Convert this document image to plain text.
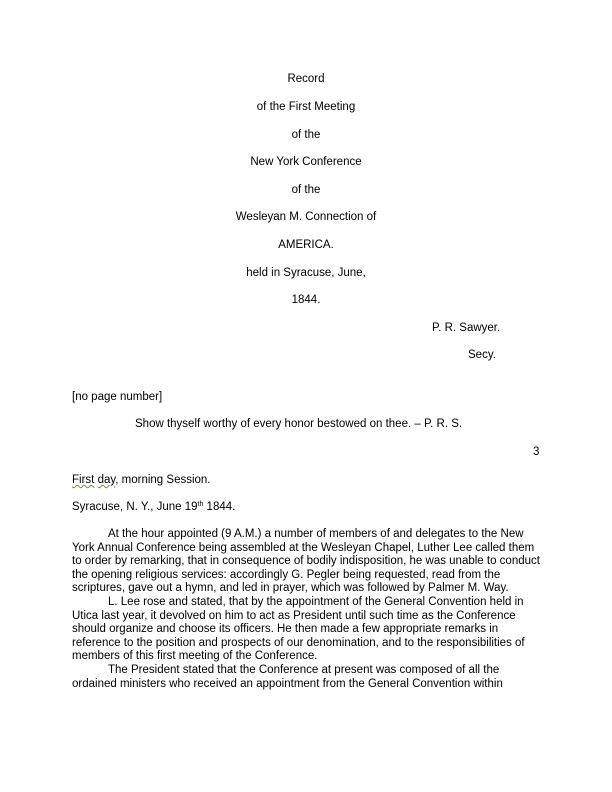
Record
of the First Meeting
of the
New York Conference
of the
Wesleyan M. Connection of
AMERICA.
held in Syracuse, June,
1844.
P. R. Sawyer.
Secy.
[no page number]
Show thyself worthy of every honor bestowed on thee. – P. R. S.
3
First day, morning Session.
Syracuse, N. Y., June 19th 1844.

At the hour appointed (9 A.M.) a number of members of and delegates to the New York Annual Conference being assembled at the Wesleyan Chapel, Luther Lee called them to order by remarking, that in consequence of bodily indisposition, he was unable to conduct the opening religious services: accordingly G. Pegler being requested, read from the scriptures, gave out a hymn, and led in prayer, which was followed by Palmer M. Way.

L. Lee rose and stated, that by the appointment of the General Convention held in Utica last year, it devolved on him to act as President until such time as the Conference should organize and choose its officers. He then made a few appropriate remarks in reference to the position and prospects of our denomination, and to the responsibilities of members of this first meeting of the Conference.

The President stated that the Conference at present was composed of all the ordained ministers who received an appointment from the General Convention within
